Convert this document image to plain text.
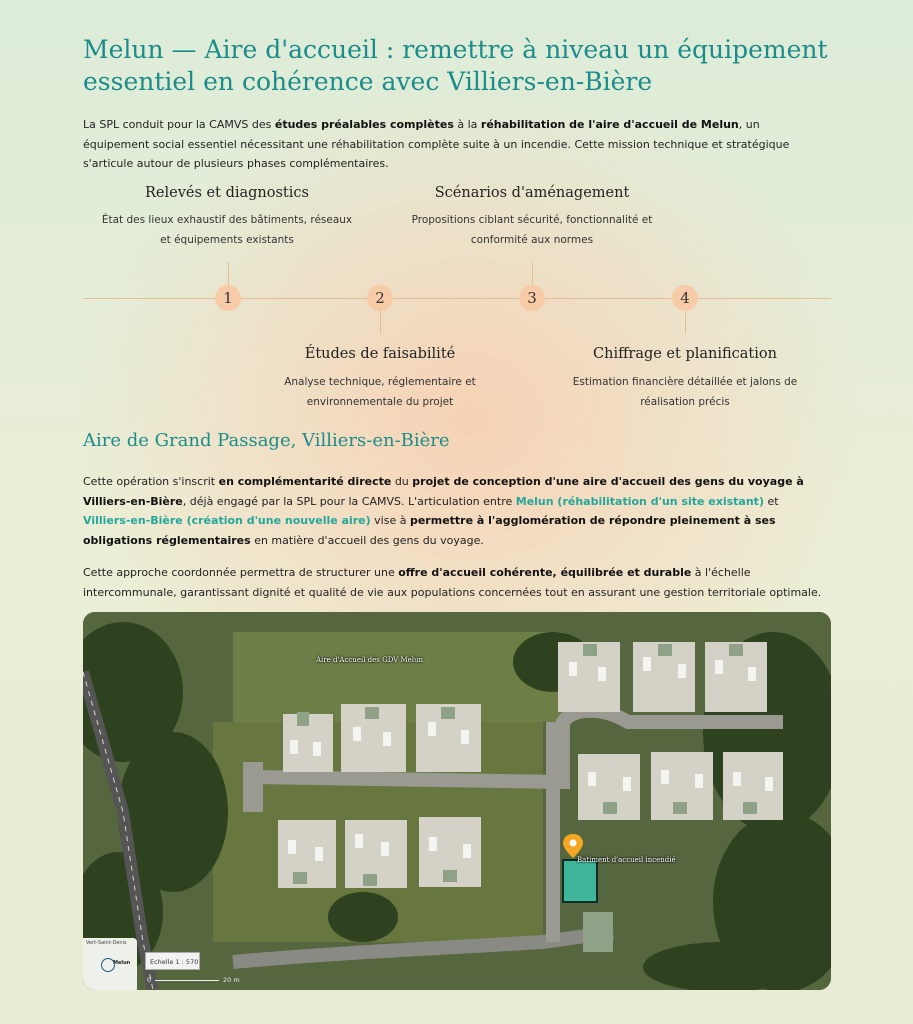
Melun — Aire d'accueil : remettre à niveau un équipement essentiel en cohérence avec Villiers-en-Bière

La SPL conduit pour la CAMVS des études préalables complètes à la réhabilitation de l'aire d'accueil de Melun, un équipement social essentiel nécessitant une réhabilitation complète suite à un incendie. Cette mission technique et stratégique s'articule autour de plusieurs phases complémentaires.

Relevés et diagnostics
État des lieux exhaustif des bâtiments, réseaux
et équipements existants
1	2
Études de faisabilité
Analyse technique, réglementaire et
environnementale du projet
Scénarios d'aménagement
Propositions ciblant sécurité, fonctionnalité et
conformité aux normes
3	4
Chiffrage et planification
Estimation financière détaillée et jalons de
réalisation précis
Aire de Grand Passage, Villiers-en-Bière

Cette opération s'inscrit en complémentarité directe du projet de conception d'une aire d'accueil des gens du voyage à Villiers-en-Bière, déjà engagé par la SPL pour la CAMVS. L'articulation entre Melun (réhabilitation d'un site existant) et Villiers-en-Bière (création d'une nouvelle aire) vise à permettre à l'agglomération de répondre pleinement à ses obligations réglementaires en matière d'accueil des gens du voyage.

Cette approche coordonnée permettra de structurer une offre d'accueil cohérente, équilibrée et durable à l'échelle intercommunale, garantissant dignité et qualité de vie aux populations concernées tout en assurant une gestion territoriale optimale.

Aire d'Accueil des GDV Melun
Batiment d'accueil incendié
Vert-Saint-Denis
Melun	Echelle 1 : 570
0	20 m
